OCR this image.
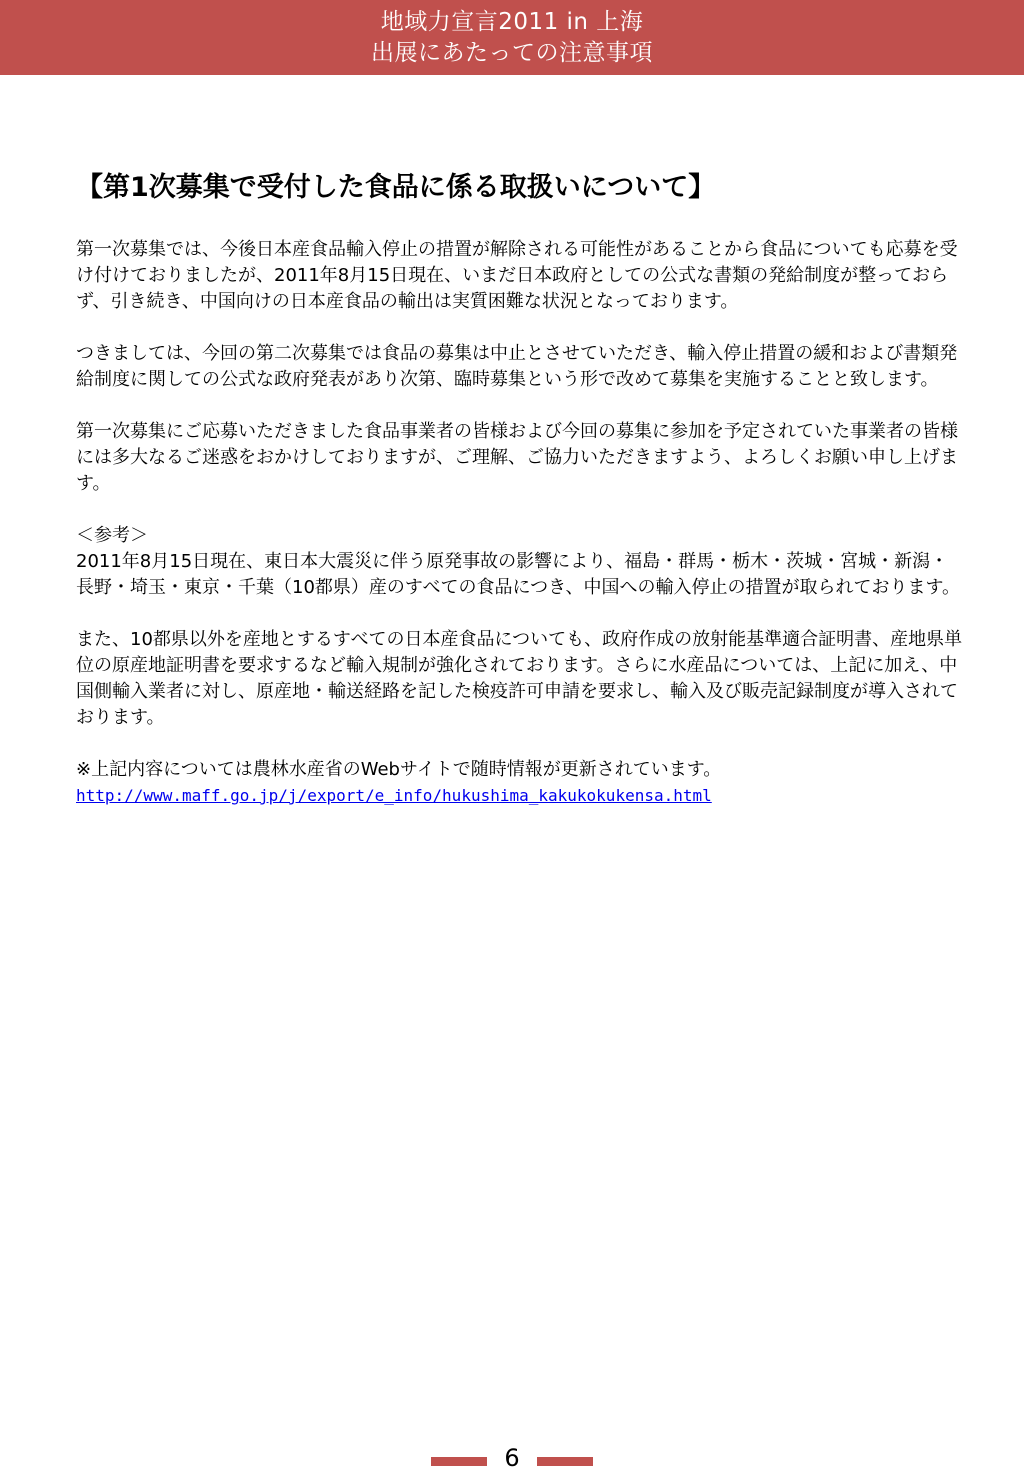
地域力宣言2011 in 上海
出展にあたっての注意事項
【第1次募集で受付した食品に係る取扱いについて】

第一次募集では、今後日本産食品輸入停止の措置が解除される可能性があることから食品についても応募を受け付けておりましたが、2011年8月15日現在、いまだ日本政府としての公式な書類の発給制度が整っておらず、引き続き、中国向けの日本産食品の輸出は実質困難な状況となっております。

つきましては、今回の第二次募集では食品の募集は中止とさせていただき、輸入停止措置の緩和および書類発給制度に関しての公式な政府発表があり次第、臨時募集という形で改めて募集を実施することと致します。

第一次募集にご応募いただきました食品事業者の皆様および今回の募集に参加を予定されていた事業者の皆様には多大なるご迷惑をおかけしておりますが、ご理解、ご協力いただきますよう、よろしくお願い申し上げます。

＜参考＞

2011年8月15日現在、東日本大震災に伴う原発事故の影響により、福島・群馬・栃木・茨城・宮城・新潟・長野・埼玉・東京・千葉（10都県）産のすべての食品につき、中国への輸入停止の措置が取られております。

また、10都県以外を産地とするすべての日本産食品についても、政府作成の放射能基準適合証明書、産地県単位の原産地証明書を要求するなど輸入規制が強化されております。さらに水産品については、上記に加え、中国側輸入業者に対し、原産地・輸送経路を記した検疫許可申請を要求し、輸入及び販売記録制度が導入されております。

※上記内容については農林水産省のWebサイトで随時情報が更新されています。

http://www.maff.go.jp/j/export/e_info/hukushima_kakukokukensa.html
6
